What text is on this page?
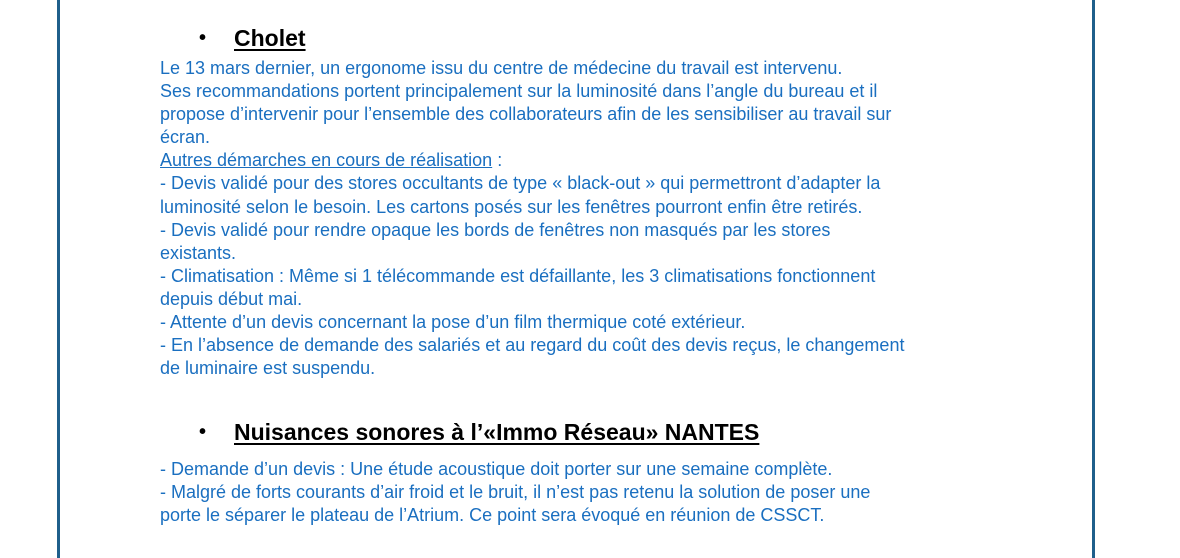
• Cholet

Le 13 mars dernier, un ergonome issu du centre de médecine du travail est intervenu.

Ses recommandations portent principalement sur la luminosité dans l’angle du bureau et il

propose d’intervenir pour l’ensemble des collaborateurs afin de les sensibiliser au travail sur

écran.

Autres démarches en cours de réalisation :

- Devis validé pour des stores occultants de type « black-out » qui permettront d’adapter la

luminosité selon le besoin. Les cartons posés sur les fenêtres pourront enfin être retirés.

- Devis validé pour rendre opaque les bords de fenêtres non masqués par les stores

existants.

- Climatisation : Même si 1 télécommande est défaillante, les 3 climatisations fonctionnent

depuis début mai.

- Attente d’un devis concernant la pose d’un film thermique coté extérieur.

- En l’absence de demande des salariés et au regard du coût des devis reçus, le changement

de luminaire est suspendu.

• Nuisances sonores à l’«Immo Réseau» NANTES

- Demande d’un devis : Une étude acoustique doit porter sur une semaine complète.

- Malgré de forts courants d’air froid et le bruit, il n’est pas retenu la solution de poser une

porte le séparer le plateau de l’Atrium. Ce point sera évoqué en réunion de CSSCT.
